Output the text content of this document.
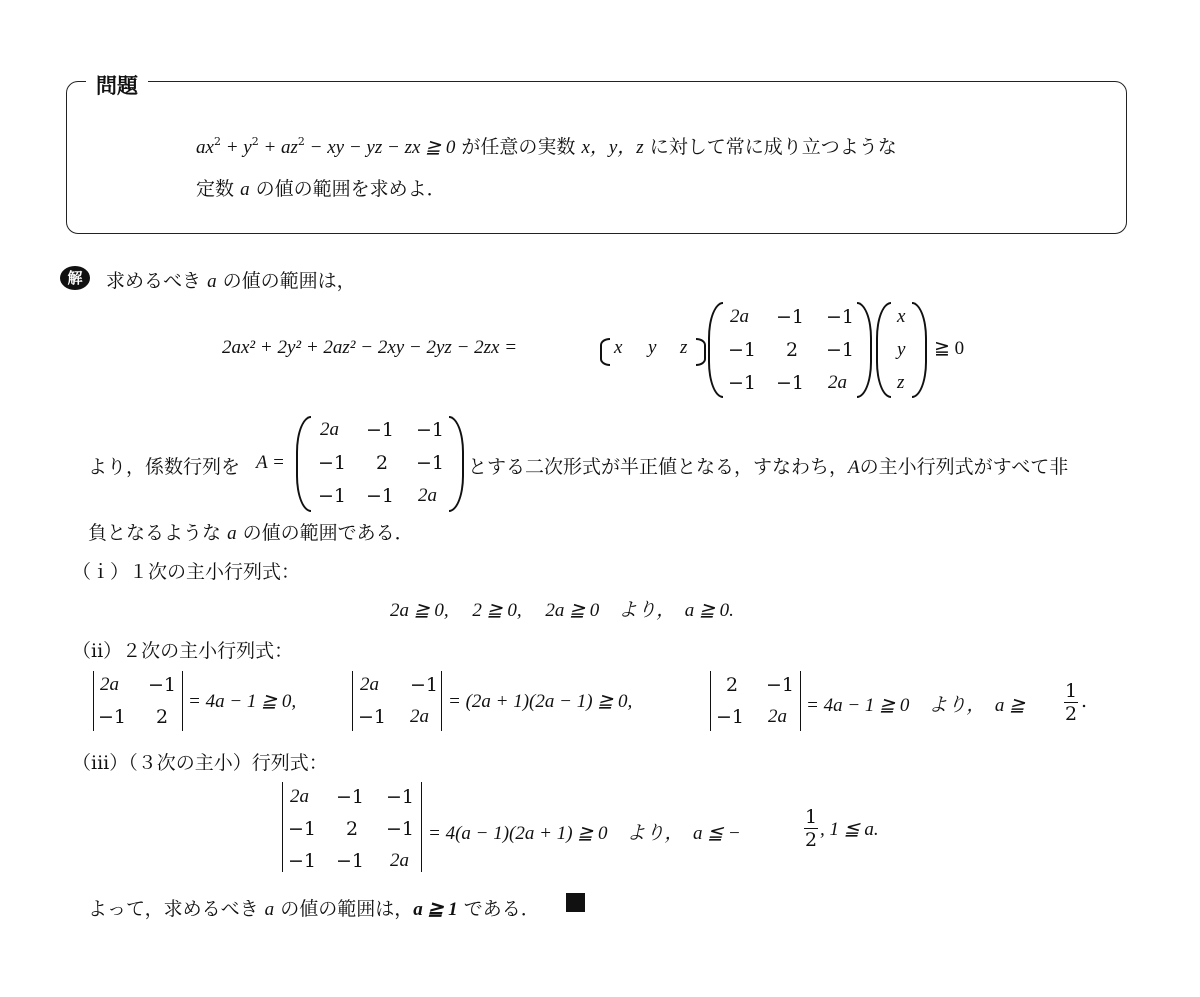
問題
$ax^2 + y^2 + az^2$ − xy − yz − zx ≧ 0 が任意の実数 x，y，z に対して常に成り立つような
定数 a の値の範囲を求めよ．
解	求めるべき a の値の範囲は，
2ax² + 2y² + 2az² − 2xy − 2yz − 2zx =	x y z
2a −1 −1
−1 2 −1
−1 −1 2a
x
y
z
≧ 0
より，係数行列を A =
2a −1 −1
−1 2 −1
−1 −1 2a
とする二次形式が半正値となる，すなわち，Aの主小行列式がすべて非
負となるような a の値の範囲である．
（ｉ）１次の主小行列式：
2a ≧ 0,　 2 ≧ 0,　 2a ≧ 0　より，　a ≧ 0.
（ii）２次の主小行列式：
2a −1
−1 2
= 4a − 1 ≧ 0,
2a −1
−1 2a
= (2a + 1)(2a − 1) ≧ 0,
2 −1
−1 2a
= 4a − 1 ≧ 0　より，　a ≧
1
2
.
（iii）（３次の主小）行列式：
2a −1 −1
−1 2 −1
−1 −1 2a
= 4(a − 1)(2a + 1) ≧ 0　より，　a ≦ −
1
2 , 1 ≦ a.
よって，求めるべき a の値の範囲は，a ≧ 1 である．
